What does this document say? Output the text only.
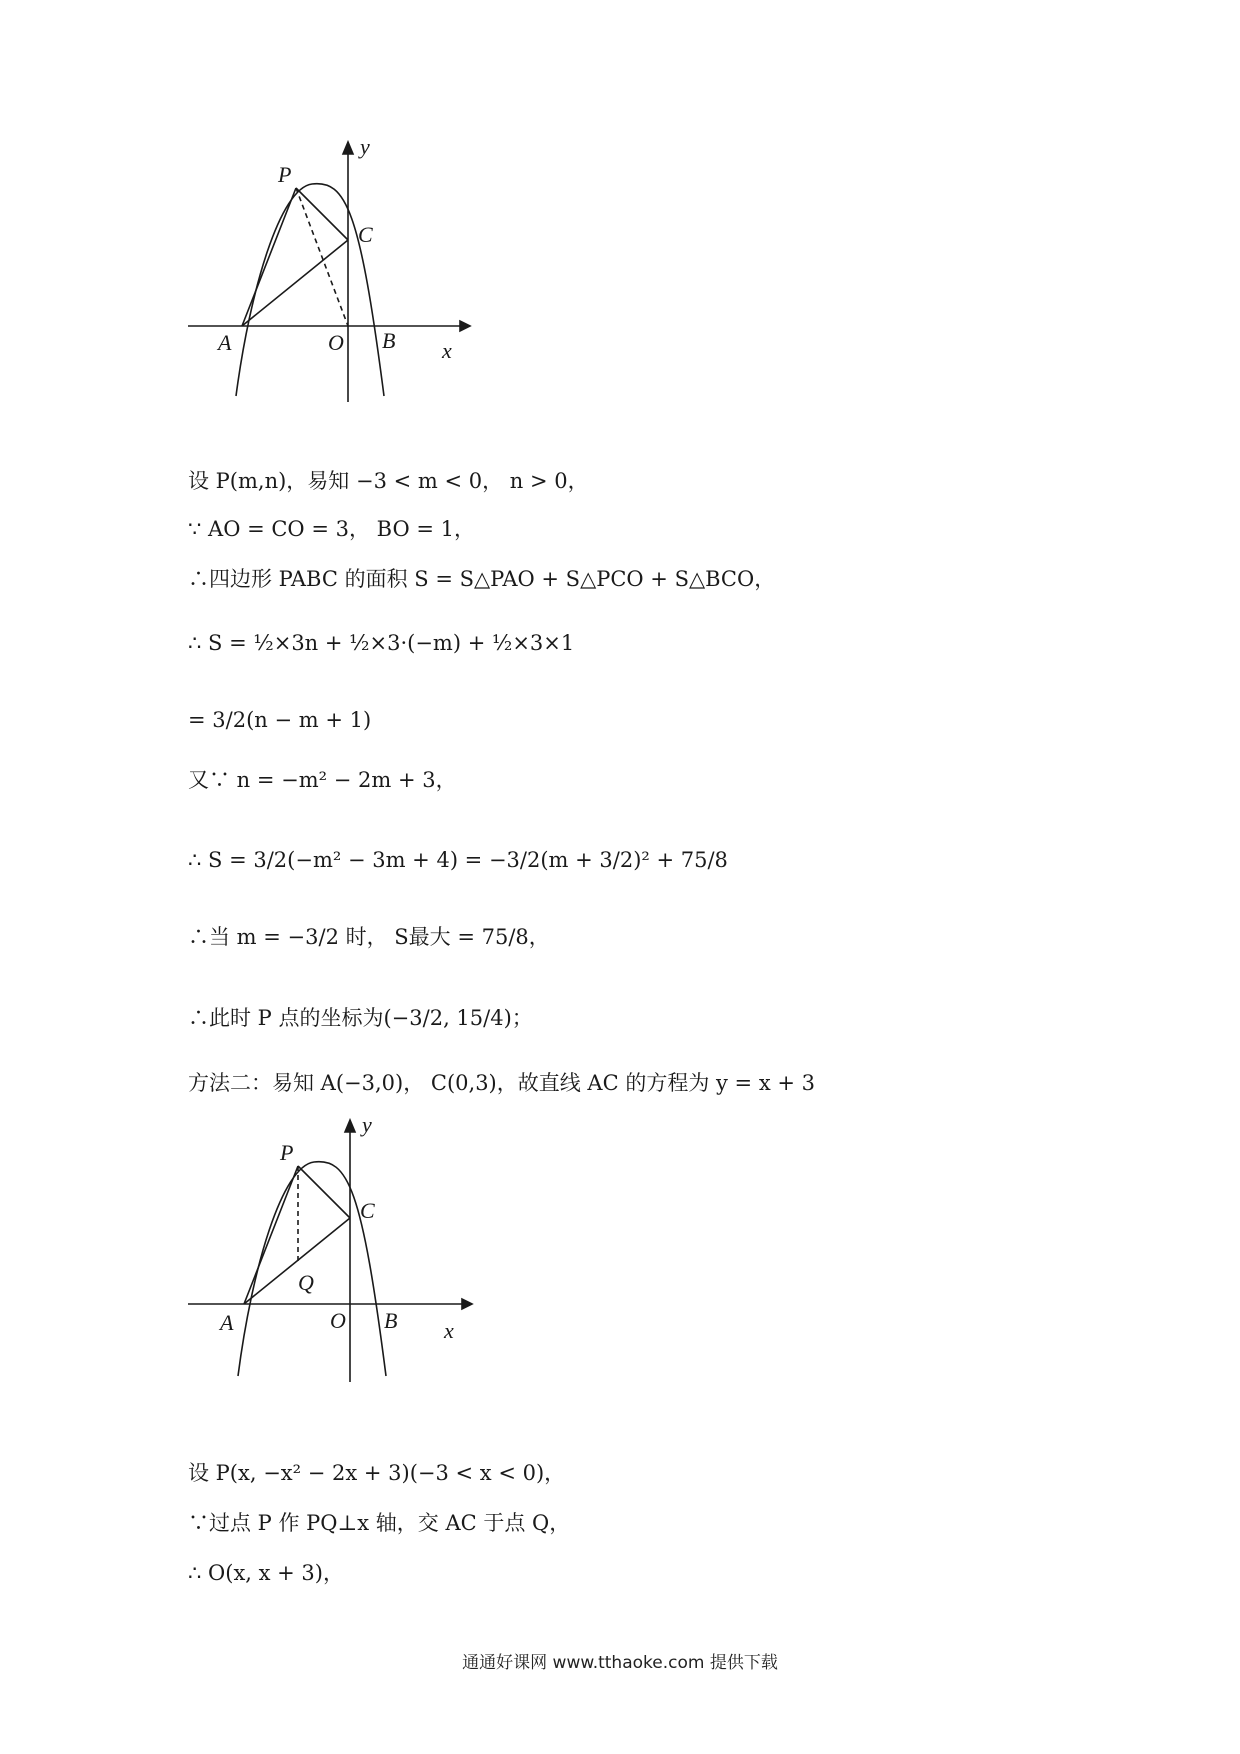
P
C
A	O B x
y
设 P(m,n)，易知 −3 < m < 0， n > 0，
∵ AO = CO = 3， BO = 1，
∴四边形 PABC 的面积 S = S△PAO + S△PCO + S△BCO，
∴ S = ½×3n + ½×3·(−m) + ½×3×1
= 3/2(n − m + 1)
又∵ n = −m² − 2m + 3，
∴ S = 3/2(−m² − 3m + 4) = −3/2(m + 3/2)² + 75/8
∴当 m = −3/2 时， S最大 = 75/8，
∴此时 P 点的坐标为(−3/2, 15/4)；
方法二：易知 A(−3,0)， C(0,3)，故直线 AC 的方程为 y = x + 3
P
C
Q
A	O B x
y
设 P(x, −x² − 2x + 3)(−3 < x < 0)，
∵过点 P 作 PQ⊥x 轴，交 AC 于点 Q，
∴ O(x, x + 3)，
通通好课网 www.tthaoke.com 提供下载
